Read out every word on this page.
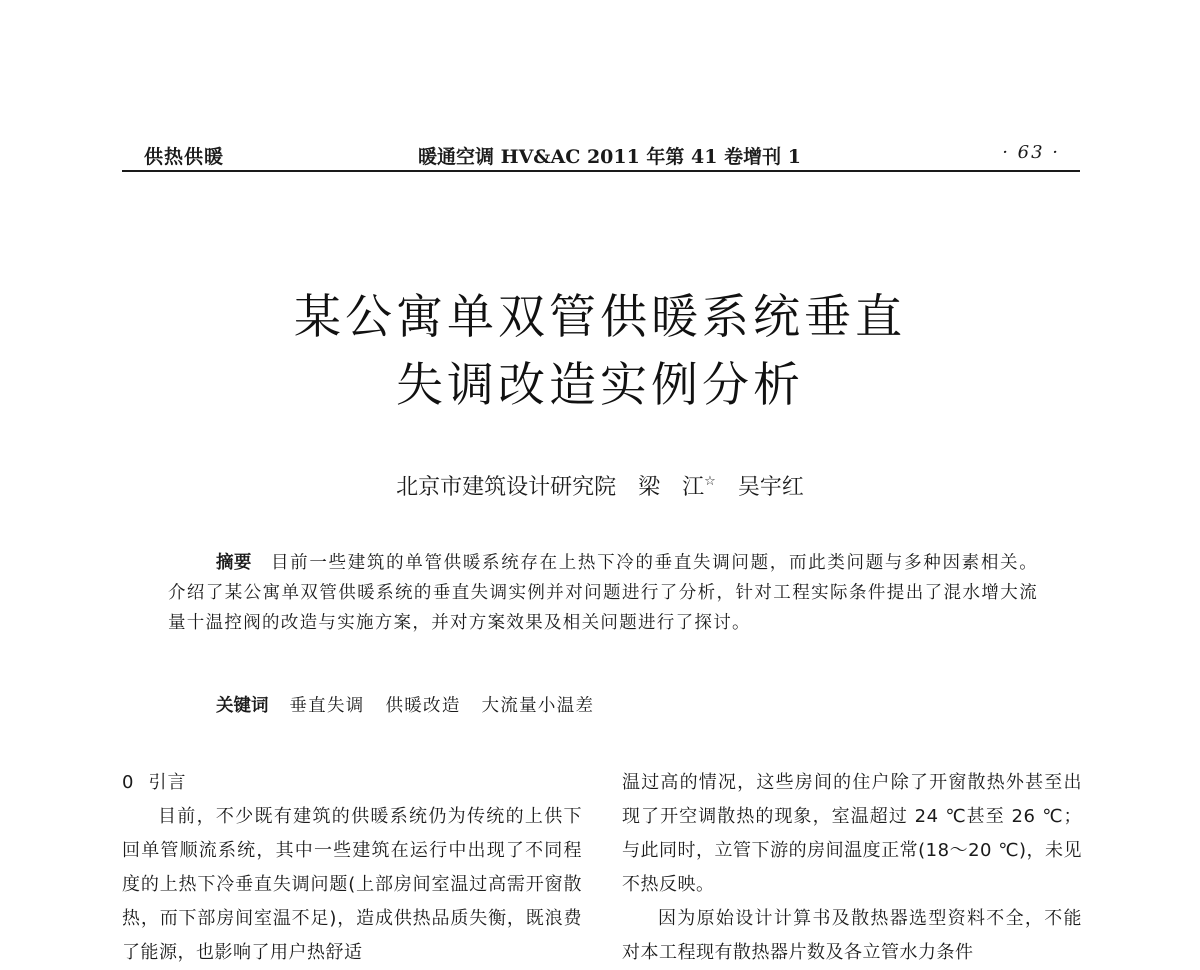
供热供暖	暖通空调 HV&AC 2011 年第 41 卷增刊 1	· 63 ·
某公寓单双管供暖系统垂直
失调改造实例分析
北京市建筑设计研究院 梁　江☆ 吴宇红
摘要　 目前一些建筑的单管供暖系统存在上热下冷的垂直失调问题，而此类问题与多种因素相关。介绍了某公寓单双管供暖系统的垂直失调实例并对问题进行了分析，针对工程实际条件提出了混水增大流量十温控阀的改造与实施方案，并对方案效果及相关问题进行了探讨。
关键词 垂直失调 供暖改造 大流量小温差

0 引言

目前，不少既有建筑的供暖系统仍为传统的上供下回单管顺流系统，其中一些建筑在运行中出现了不同程度的上热下冷垂直失调问题(上部房间室温过高需开窗散热，而下部房间室温不足)，造成供热品质失衡，既浪费了能源，也影响了用户热舒适

温过高的情况，这些房间的住户除了开窗散热外甚至出现了开空调散热的现象，室温超过 24 ℃甚至 26 ℃；与此同时，立管下游的房间温度正常(18～20 ℃)，未见不热反映。

因为原始设计计算书及散热器选型资料不全，不能对本工程现有散热器片数及各立管水力条件
